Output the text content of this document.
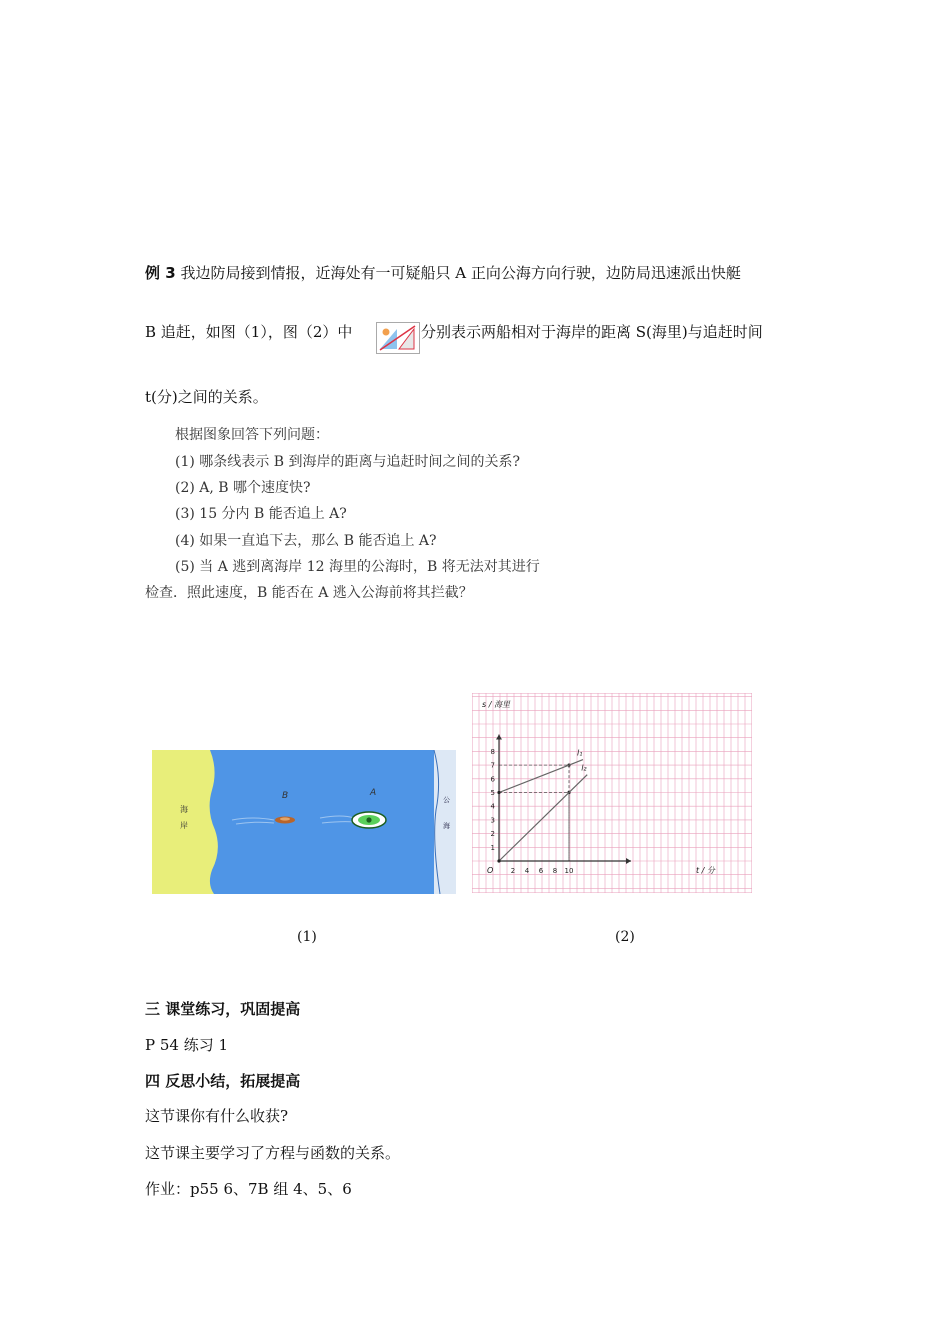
例 3 我边防局接到情报，近海处有一可疑船只 A 正向公海方向行驶，边防局迅速派出快艇
B 追赶，如图（1），图（2）中	分别表示两船相对于海岸的距离 S(海里)与追赶时间
t(分)之间的关系。
根据图象回答下列问题：
(1) 哪条线表示 B 到海岸的距离与追赶时间之间的关系?
(2) A, B 哪个速度快?
(3) 15 分内 B 能否追上 A?
(4) 如果一直追下去，那么 B 能否追上 A?
(5) 当 A 逃到离海岸 12 海里的公海时，B 将无法对其进行
检查．照此速度，B 能否在 A 逃入公海前将其拦截？
海
岸
公
海
B	A
2 4 6 8 10
1
2
3
4
5
6
7
8	l₁
l₂
s / 海里
t / 分
O
(1)	(2)
三 课堂练习，巩固提高
P 54 练习 1
四 反思小结，拓展提高
这节课你有什么收获?
这节课主要学习了方程与函数的关系。
作业：p55 6、7B 组 4、5、6
